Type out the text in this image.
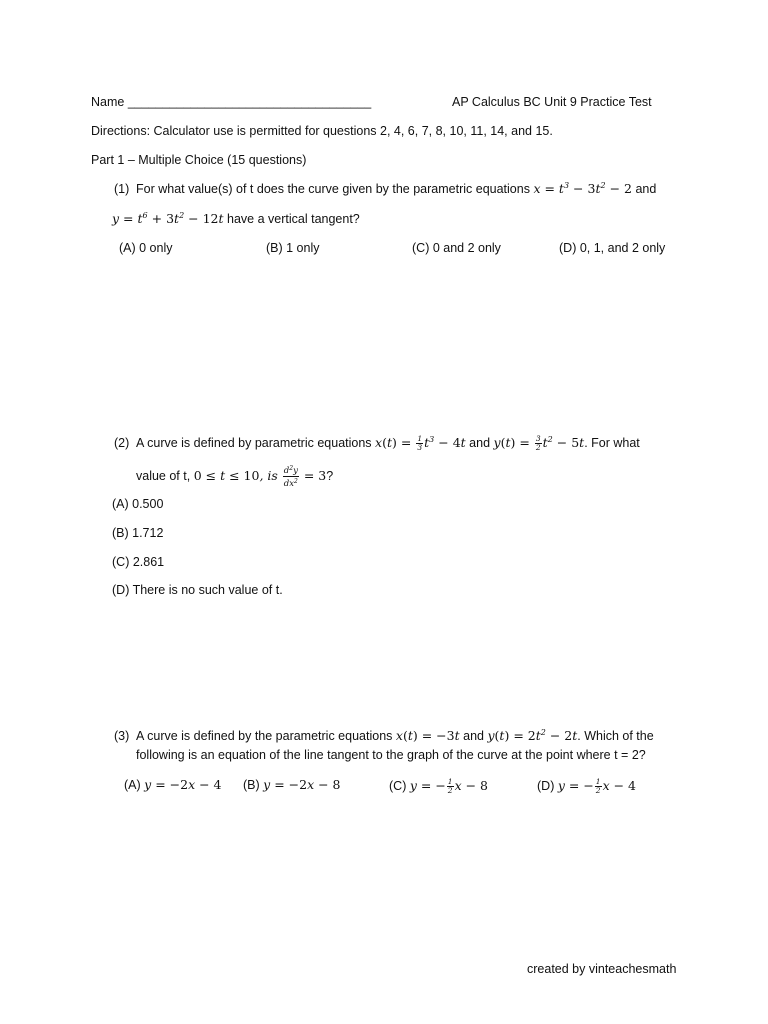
Name ___________________________________	AP Calculus BC Unit 9 Practice Test
Directions: Calculator use is permitted for questions 2, 4, 6, 7, 8, 10, 11, 14, and 15.
Part 1 – Multiple Choice (15 questions)
(1) For what value(s) of t does the curve given by the parametric equations $x = t^3 - 3t^2 - 2$ and
$y = t^6 + 3t^2 - 12t$ have a vertical tangent?
(A) 0 only	(B) 1 only	(C) 0 and 2 only	(D) 0, 1, and 2 only
(2) A curve is defined by parametric equations $x(t) = \frac{1}{3} t^3 - 4t$ and $y(t) = \frac{3}{2} t^2 - 5t$. For what
value of t, 0 ≤ t ≤ 10, is $\frac{d^2y}{dx^2} = 3$?
(A) 0.500
(B) 1.712
(C) 2.861
(D) There is no such value of t.
(3) A curve is defined by the parametric equations x(t) = −3t and $y(t) = 2t^2 - 2t$. Which of the
following is an equation of the line tangent to the graph of the curve at the point where t = 2?
(A) y = −2x − 4 (B) y = −2x − 8	(C) y = − $\frac{1}{2}$ x − 8	(D) y = − $\frac{1}{2}$ x − 4
created by vinteachesmath
